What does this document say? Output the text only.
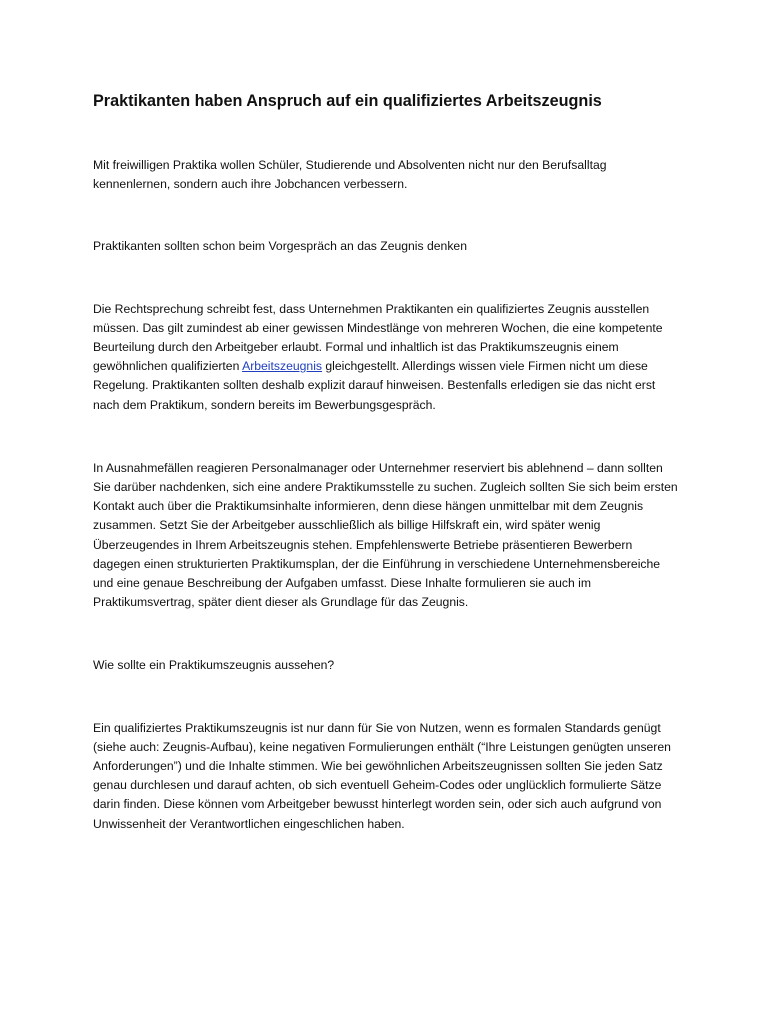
Praktikanten haben Anspruch auf ein qualifiziertes Arbeitszeugnis

Mit freiwilligen Praktika wollen Schüler, Studierende und Absolventen nicht nur den Berufsalltag kennenlernen, sondern auch ihre Jobchancen verbessern.

Praktikanten sollten schon beim Vorgespräch an das Zeugnis denken

Die Rechtsprechung schreibt fest, dass Unternehmen Praktikanten ein qualifiziertes Zeugnis ausstellen müssen. Das gilt zumindest ab einer gewissen Mindestlänge von mehreren Wochen, die eine kompetente Beurteilung durch den Arbeitgeber erlaubt. Formal und inhaltlich ist das Praktikumszeugnis einem gewöhnlichen qualifizierten Arbeitszeugnis gleichgestellt. Allerdings wissen viele Firmen nicht um diese Regelung. Praktikanten sollten deshalb explizit darauf hinweisen. Bestenfalls erledigen sie das nicht erst nach dem Praktikum, sondern bereits im Bewerbungsgespräch.

In Ausnahmefällen reagieren Personalmanager oder Unternehmer reserviert bis ablehnend – dann sollten Sie darüber nachdenken, sich eine andere Praktikumsstelle zu suchen. Zugleich sollten Sie sich beim ersten Kontakt auch über die Praktikumsinhalte informieren, denn diese hängen unmittelbar mit dem Zeugnis zusammen. Setzt Sie der Arbeitgeber ausschließlich als billige Hilfskraft ein, wird später wenig Überzeugendes in Ihrem Arbeitszeugnis stehen. Empfehlenswerte Betriebe präsentieren Bewerbern dagegen einen strukturierten Praktikumsplan, der die Einführung in verschiedene Unternehmensbereiche und eine genaue Beschreibung der Aufgaben umfasst. Diese Inhalte formulieren sie auch im Praktikumsvertrag, später dient dieser als Grundlage für das Zeugnis.

Wie sollte ein Praktikumszeugnis aussehen?

Ein qualifiziertes Praktikumszeugnis ist nur dann für Sie von Nutzen, wenn es formalen Standards genügt (siehe auch: Zeugnis-Aufbau), keine negativen Formulierungen enthält (“Ihre Leistungen genügten unseren Anforderungen”) und die Inhalte stimmen. Wie bei gewöhnlichen Arbeitszeugnissen sollten Sie jeden Satz genau durchlesen und darauf achten, ob sich eventuell Geheim-Codes oder unglücklich formulierte Sätze darin finden. Diese können vom Arbeitgeber bewusst hinterlegt worden sein, oder sich auch aufgrund von Unwissenheit der Verantwortlichen eingeschlichen haben.
